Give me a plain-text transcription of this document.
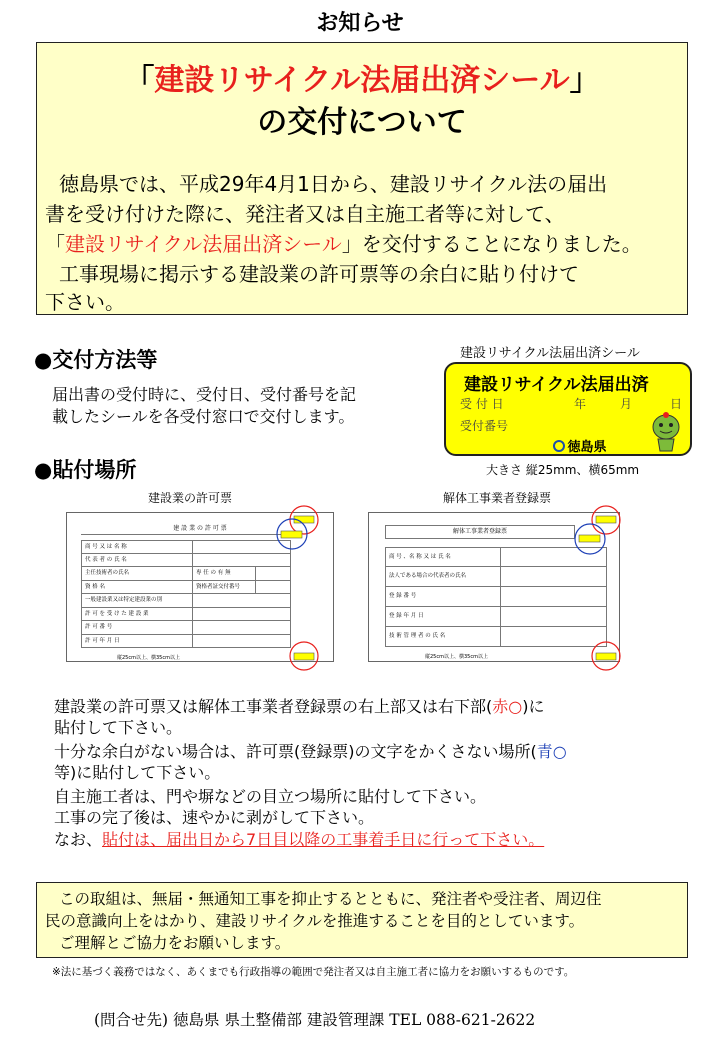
お知らせ
「建設リサイクル法届出済シール」
の交付について
徳島県では、平成29年4月1日から、建設リサイクル法の届出
書を受け付けた際に、発注者又は自主施工者等に対して、
「建設リサイクル法届出済シール」を交付することになりました。
工事現場に掲示する建設業の許可票等の余白に貼り付けて
下さい。
●交付方法等
届出書の受付時に、受付日、受付番号を記
載したシールを各受付窓口で交付します。
建設リサイクル法届出済シール
建設リサイクル法届出済
受 付 日	年	月	日
受付番号
徳島県
大きさ 縦25mm、横65mm
●貼付場所
建設業の許可票
建 設 業 の 許 可 票
商 号 又 は 名 称
代 表 者 の 氏 名
主任技術者の氏名	専 任 の 有 無
資 格 名	資格者証交付番号
一般建設業又は特定建設業の別
許 可 を 受 け た 建 設 業
許 可 番 号
許 可 年 月 日
縦25cm以上、横35cm以上
解体工事業者登録票
解体工事業者登録票
商 号 、名 称 又 は 氏 名
法人である場合の代表者の氏名
登 録 番 号
登 録 年 月 日
技 術 管 理 者 の 氏 名
縦25cm以上、横35cm以上
建設業の許可票又は解体工事業者登録票の右上部又は右下部(赤○)に
貼付して下さい。
十分な余白がない場合は、許可票(登録票)の文字をかくさない場所(青○
等)に貼付して下さい。
自主施工者は、門や塀などの目立つ場所に貼付して下さい。
工事の完了後は、速やかに剥がして下さい。
なお、貼付は、届出日から7日目以降の工事着手日に行って下さい。
この取組は、無届・無通知工事を抑止するとともに、発注者や受注者、周辺住
民の意識向上をはかり、建設リサイクルを推進することを目的としています。
ご理解とご協力をお願いします。
※法に基づく義務ではなく、あくまでも行政指導の範囲で発注者又は自主施工者に協力をお願いするものです。
(問合せ先) 徳島県 県土整備部 建設管理課 TEL 088-621-2622
